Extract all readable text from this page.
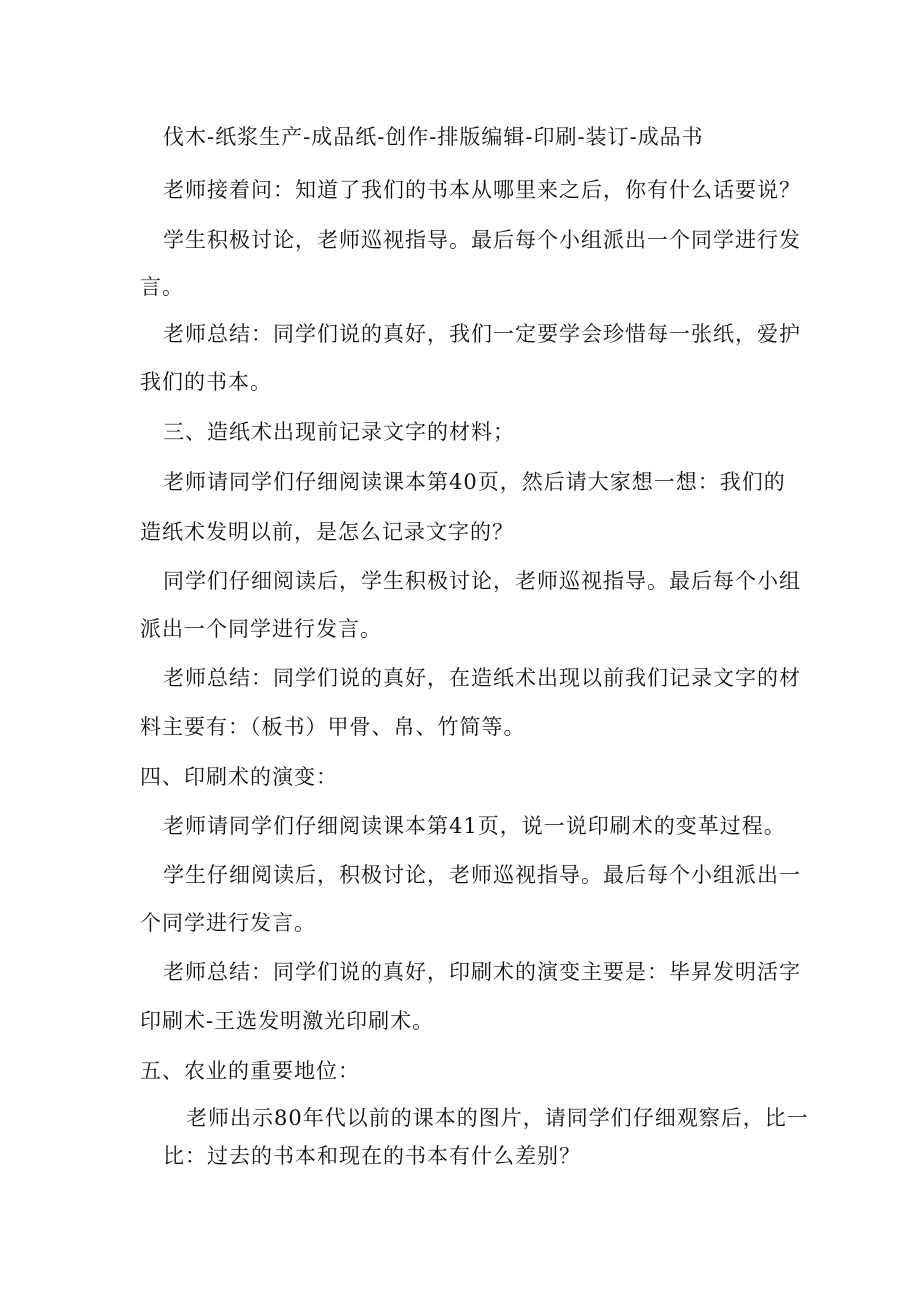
伐木-纸浆生产-成品纸-创作-排版编辑-印刷-装订-成品书
老师接着问：知道了我们的书本从哪里来之后，你有什么话要说？
学生积极讨论，老师巡视指导。最后每个小组派出一个同学进行发
言。
老师总结：同学们说的真好，我们一定要学会珍惜每一张纸，爱护
我们的书本。
三、造纸术出现前记录文字的材料；
老师请同学们仔细阅读课本第40页，然后请大家想一想：我们的
造纸术发明以前，是怎么记录文字的？
同学们仔细阅读后，学生积极讨论，老师巡视指导。最后每个小组
派出一个同学进行发言。
老师总结：同学们说的真好，在造纸术出现以前我们记录文字的材
料主要有：（板书）甲骨、帛、竹简等。
四、印刷术的演变：
老师请同学们仔细阅读课本第41页，说一说印刷术的变革过程。
学生仔细阅读后，积极讨论，老师巡视指导。最后每个小组派出一
个同学进行发言。
老师总结：同学们说的真好，印刷术的演变主要是：毕昇发明活字
印刷术-王选发明激光印刷术。
五、农业的重要地位：
老师出示80年代以前的课本的图片，请同学们仔细观察后，比一
比：过去的书本和现在的书本有什么差别？
